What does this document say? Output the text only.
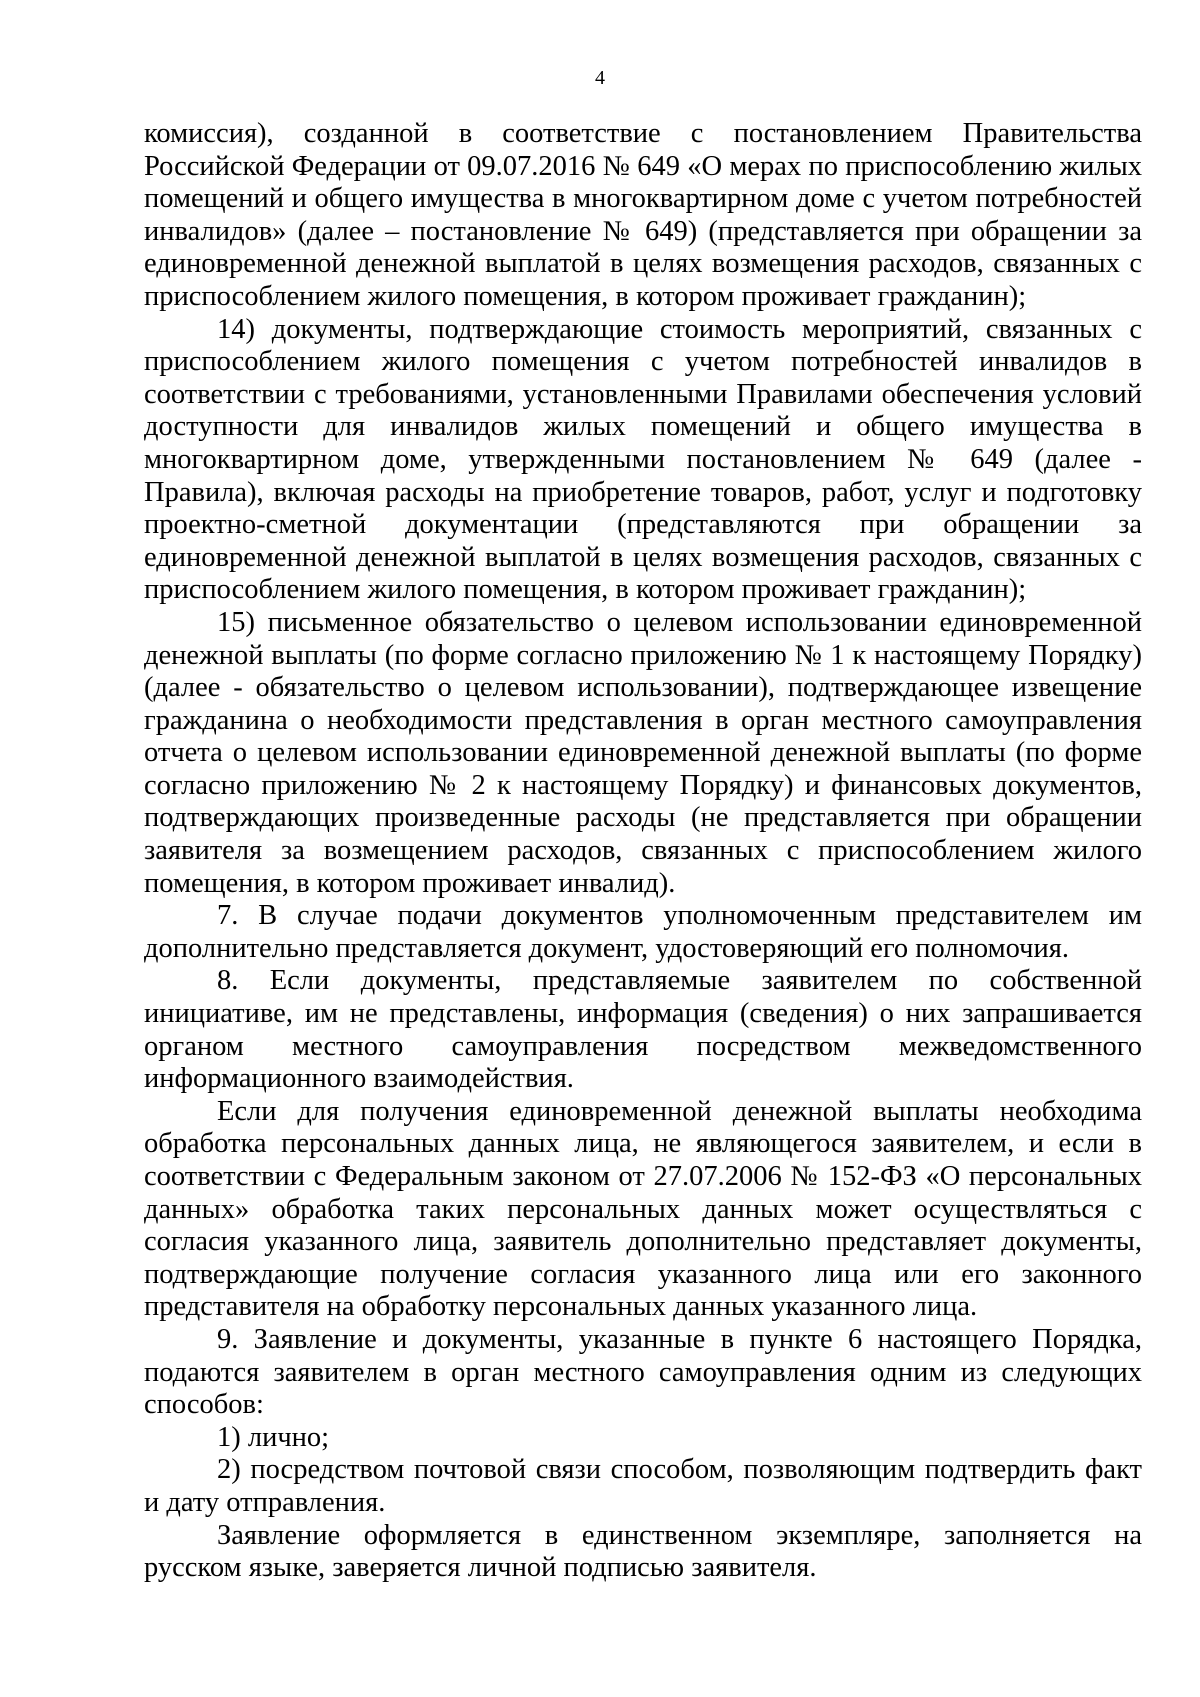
4

комиссия), созданной в соответствие с постановлением Правительства Российской Федерации от 09.07.2016 № 649 «О мерах по приспособлению жилых помещений и общего имущества в многоквартирном доме с учетом потребностей инвалидов» (далее – постановление № 649) (представляется при обращении за единовременной денежной выплатой в целях возмещения расходов, связанных с приспособлением жилого помещения, в котором проживает гражданин);

14) документы, подтверждающие стоимость мероприятий, связанных с приспособлением жилого помещения с учетом потребностей инвалидов в соответствии с требованиями, установленными Правилами обеспечения условий доступности для инвалидов жилых помещений и общего имущества в многоквартирном доме, утвержденными постановлением № 649 (далее - Правила), включая расходы на приобретение товаров, работ, услуг и подготовку проектно-сметной документации (представляются при обращении за единовременной денежной выплатой в целях возмещения расходов, связанных с приспособлением жилого помещения, в котором проживает гражданин);

15) письменное обязательство о целевом использовании единовременной денежной выплаты (по форме согласно приложению № 1 к настоящему Порядку) (далее - обязательство о целевом использовании), подтверждающее извещение гражданина о необходимости представления в орган местного самоуправления отчета о целевом использовании единовременной денежной выплаты (по форме согласно приложению № 2 к настоящему Порядку) и финансовых документов, подтверждающих произведенные расходы (не представляется при обращении заявителя за возмещением расходов, связанных с приспособлением жилого помещения, в котором проживает инвалид).

7. В случае подачи документов уполномоченным представителем им дополнительно представляется документ, удостоверяющий его полномочия.

8. Если документы, представляемые заявителем по собственной инициативе, им не представлены, информация (сведения) о них запрашивается органом местного самоуправления посредством межведомственного информационного взаимодействия.

Если для получения единовременной денежной выплаты необходима обработка персональных данных лица, не являющегося заявителем, и если в соответствии с Федеральным законом от 27.07.2006 № 152-ФЗ «О персональных данных» обработка таких персональных данных может осуществляться с согласия указанного лица, заявитель дополнительно представляет документы, подтверждающие получение согласия указанного лица или его законного представителя на обработку персональных данных указанного лица.

9. Заявление и документы, указанные в пункте 6 настоящего Порядка, подаются заявителем в орган местного самоуправления одним из следующих способов:

1) лично;

2) посредством почтовой связи способом, позволяющим подтвердить факт и дату отправления.

Заявление оформляется в единственном экземпляре, заполняется на русском языке, заверяется личной подписью заявителя.
